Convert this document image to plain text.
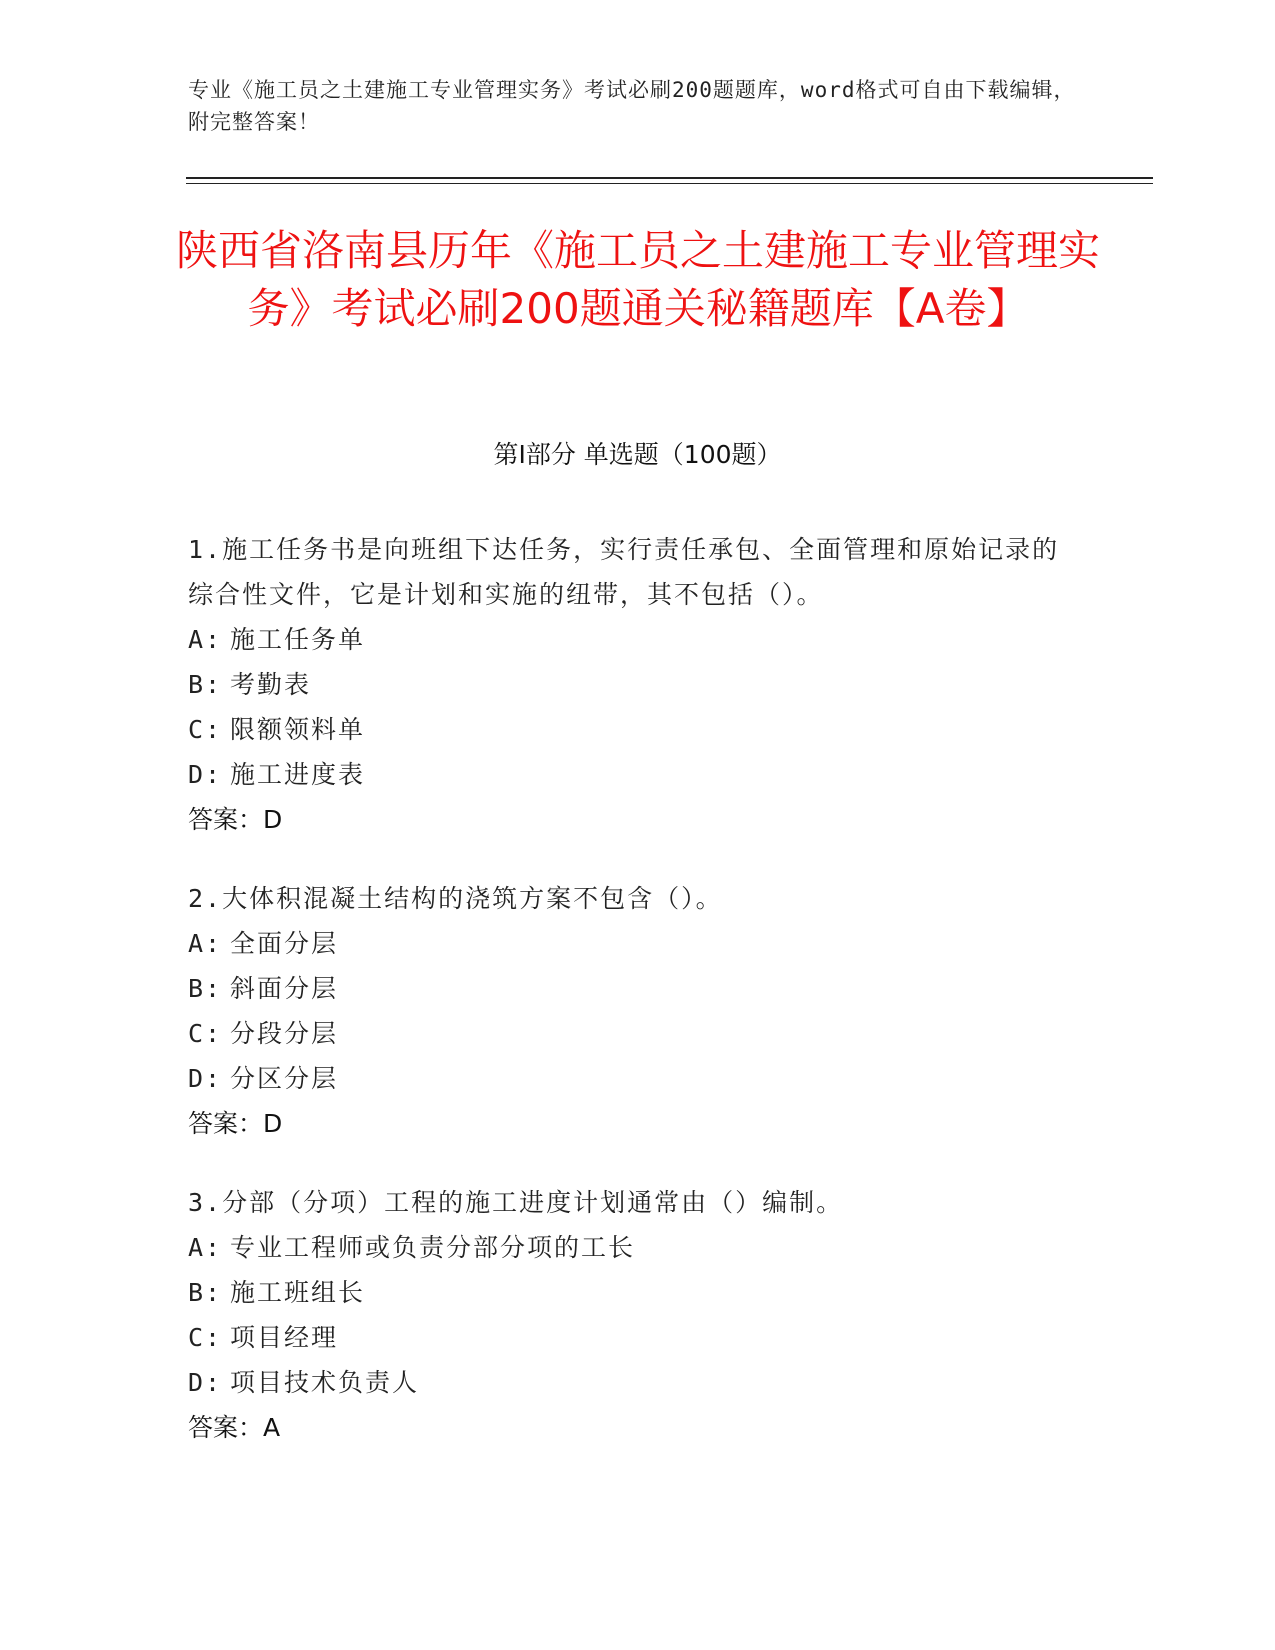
专业《施工员之土建施工专业管理实务》考试必刷200题题库，word格式可自由下载编辑，附完整答案！
陕西省洛南县历年《施工员之土建施工专业管理实务》考试必刷200题通关秘籍题库【A卷】
第I部分 单选题（100题）
1.施工任务书是向班组下达任务，实行责任承包、全面管理和原始记录的综合性文件，它是计划和实施的纽带，其不包括（）。
A: 施工任务单
B: 考勤表
C: 限额领料单
D: 施工进度表
答案：D
2.大体积混凝土结构的浇筑方案不包含（）。
A: 全面分层
B: 斜面分层
C: 分段分层
D: 分区分层
答案：D
3.分部（分项）工程的施工进度计划通常由（）编制。
A: 专业工程师或负责分部分项的工长
B: 施工班组长
C: 项目经理
D: 项目技术负责人
答案：A
